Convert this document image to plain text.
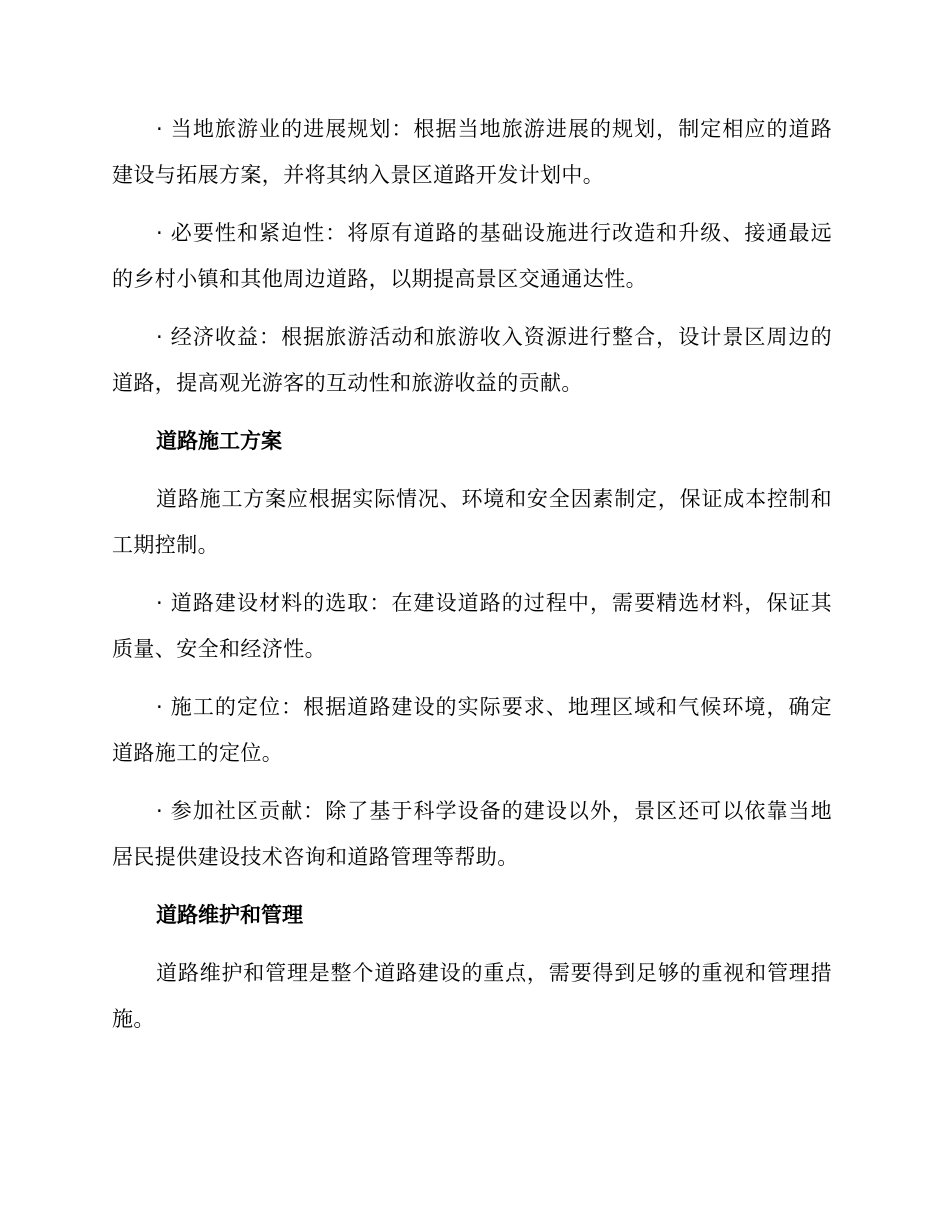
· 当地旅游业的进展规划：根据当地旅游进展的规划，制定相应的道路建设与拓展方案，并将其纳入景区道路开发计划中。

· 必要性和紧迫性：将原有道路的基础设施进行改造和升级、接通最远的乡村小镇和其他周边道路，以期提高景区交通通达性。

· 经济收益：根据旅游活动和旅游收入资源进行整合，设计景区周边的道路，提高观光游客的互动性和旅游收益的贡献。

道路施工方案

道路施工方案应根据实际情况、环境和安全因素制定，保证成本控制和工期控制。

· 道路建设材料的选取：在建设道路的过程中，需要精选材料，保证其质量、安全和经济性。

· 施工的定位：根据道路建设的实际要求、地理区域和气候环境，确定道路施工的定位。

· 参加社区贡献：除了基于科学设备的建设以外，景区还可以依靠当地居民提供建设技术咨询和道路管理等帮助。

道路维护和管理

道路维护和管理是整个道路建设的重点，需要得到足够的重视和管理措施。
